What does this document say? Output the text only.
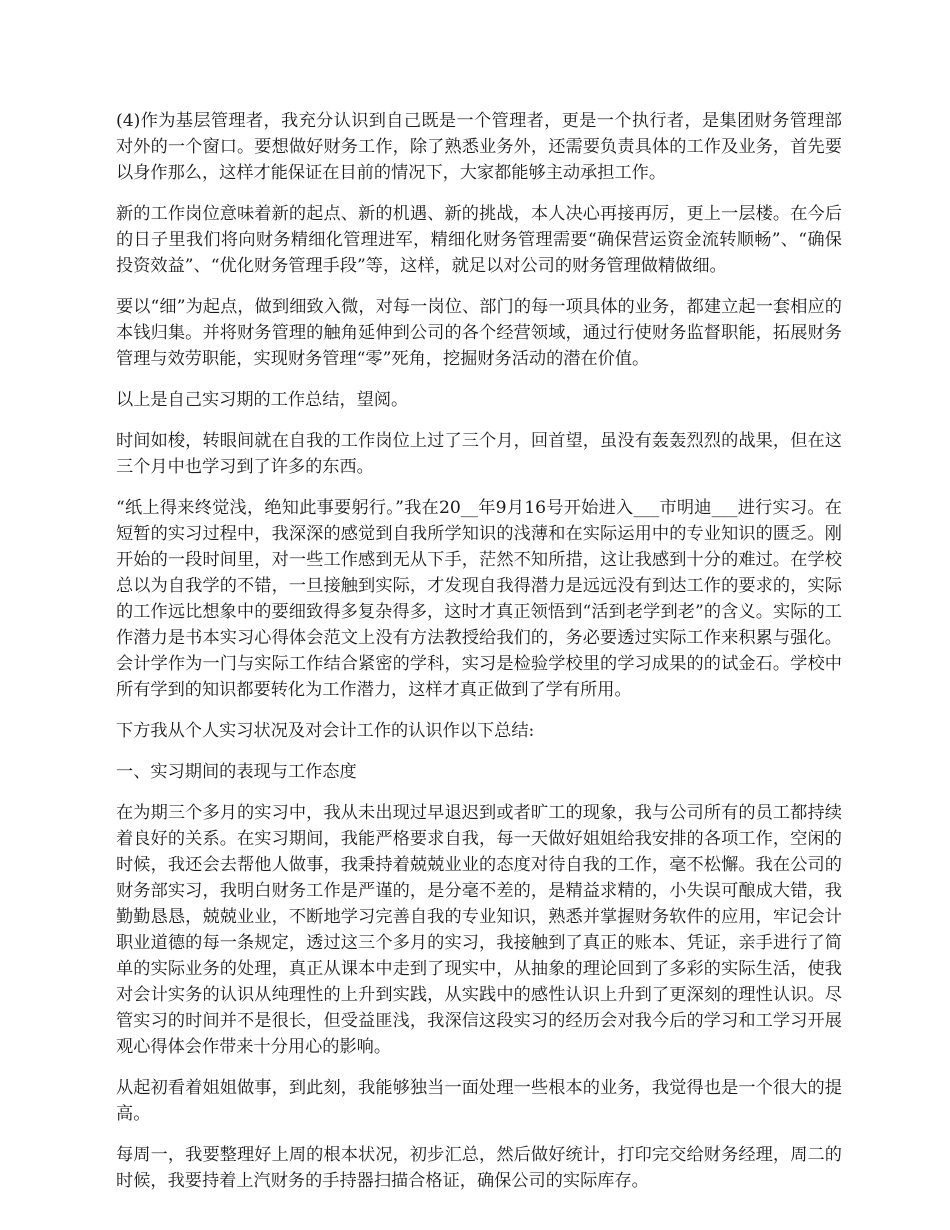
(4)作为基层管理者，我充分认识到自己既是一个管理者，更是一个执行者，是集团财务管理部对外的一个窗口。要想做好财务工作，除了熟悉业务外，还需要负责具体的工作及业务，首先要以身作那么，这样才能保证在目前的情况下，大家都能够主动承担工作。

新的工作岗位意味着新的起点、新的机遇、新的挑战，本人决心再接再厉，更上一层楼。在今后的日子里我们将向财务精细化管理进军，精细化财务管理需要“确保营运资金流转顺畅”、“确保投资效益”、“优化财务管理手段”等，这样，就足以对公司的财务管理做精做细。

要以“细”为起点，做到细致入微，对每一岗位、部门的每一项具体的业务，都建立起一套相应的本钱归集。并将财务管理的触角延伸到公司的各个经营领域，通过行使财务监督职能，拓展财务管理与效劳职能，实现财务管理“零”死角，挖掘财务活动的潜在价值。

以上是自己实习期的工作总结，望阅。

时间如梭，转眼间就在自我的工作岗位上过了三个月，回首望，虽没有轰轰烈烈的战果，但在这三个月中也学习到了许多的东西。

“纸上得来终觉浅，绝知此事要躬行。”我在20__年9月16号开始进入___市明迪___进行实习。在短暂的实习过程中，我深深的感觉到自我所学知识的浅薄和在实际运用中的专业知识的匮乏。刚开始的一段时间里，对一些工作感到无从下手，茫然不知所措，这让我感到十分的难过。在学校总以为自我学的不错，一旦接触到实际，才发现自我得潜力是远远没有到达工作的要求的，实际的工作远比想象中的要细致得多复杂得多，这时才真正领悟到“活到老学到老”的含义。实际的工作潜力是书本实习心得体会范文上没有方法教授给我们的，务必要透过实际工作来积累与强化。会计学作为一门与实际工作结合紧密的学科，实习是检验学校里的学习成果的的试金石。学校中所有学到的知识都要转化为工作潜力，这样才真正做到了学有所用。

下方我从个人实习状况及对会计工作的认识作以下总结:

一、实习期间的表现与工作态度

在为期三个多月的实习中，我从未出现过早退迟到或者旷工的现象，我与公司所有的员工都持续着良好的关系。在实习期间，我能严格要求自我，每一天做好姐姐给我安排的各项工作，空闲的时候，我还会去帮他人做事，我秉持着兢兢业业的态度对待自我的工作，毫不松懈。我在公司的财务部实习，我明白财务工作是严谨的，是分毫不差的，是精益求精的，小失误可酿成大错，我勤勤恳恳，兢兢业业，不断地学习完善自我的专业知识，熟悉并掌握财务软件的应用，牢记会计职业道德的每一条规定，透过这三个多月的实习，我接触到了真正的账本、凭证，亲手进行了简单的实际业务的处理，真正从课本中走到了现实中，从抽象的理论回到了多彩的实际生活，使我对会计实务的认识从纯理性的上升到实践，从实践中的感性认识上升到了更深刻的理性认识。尽管实习的时间并不是很长，但受益匪浅，我深信这段实习的经历会对我今后的学习和工学习开展观心得体会作带来十分用心的影响。

从起初看着姐姐做事，到此刻，我能够独当一面处理一些根本的业务，我觉得也是一个很大的提高。

每周一，我要整理好上周的根本状况，初步汇总，然后做好统计，打印完交给财务经理，周二的时候，我要持着上汽财务的手持器扫描合格证，确保公司的实际库存。
